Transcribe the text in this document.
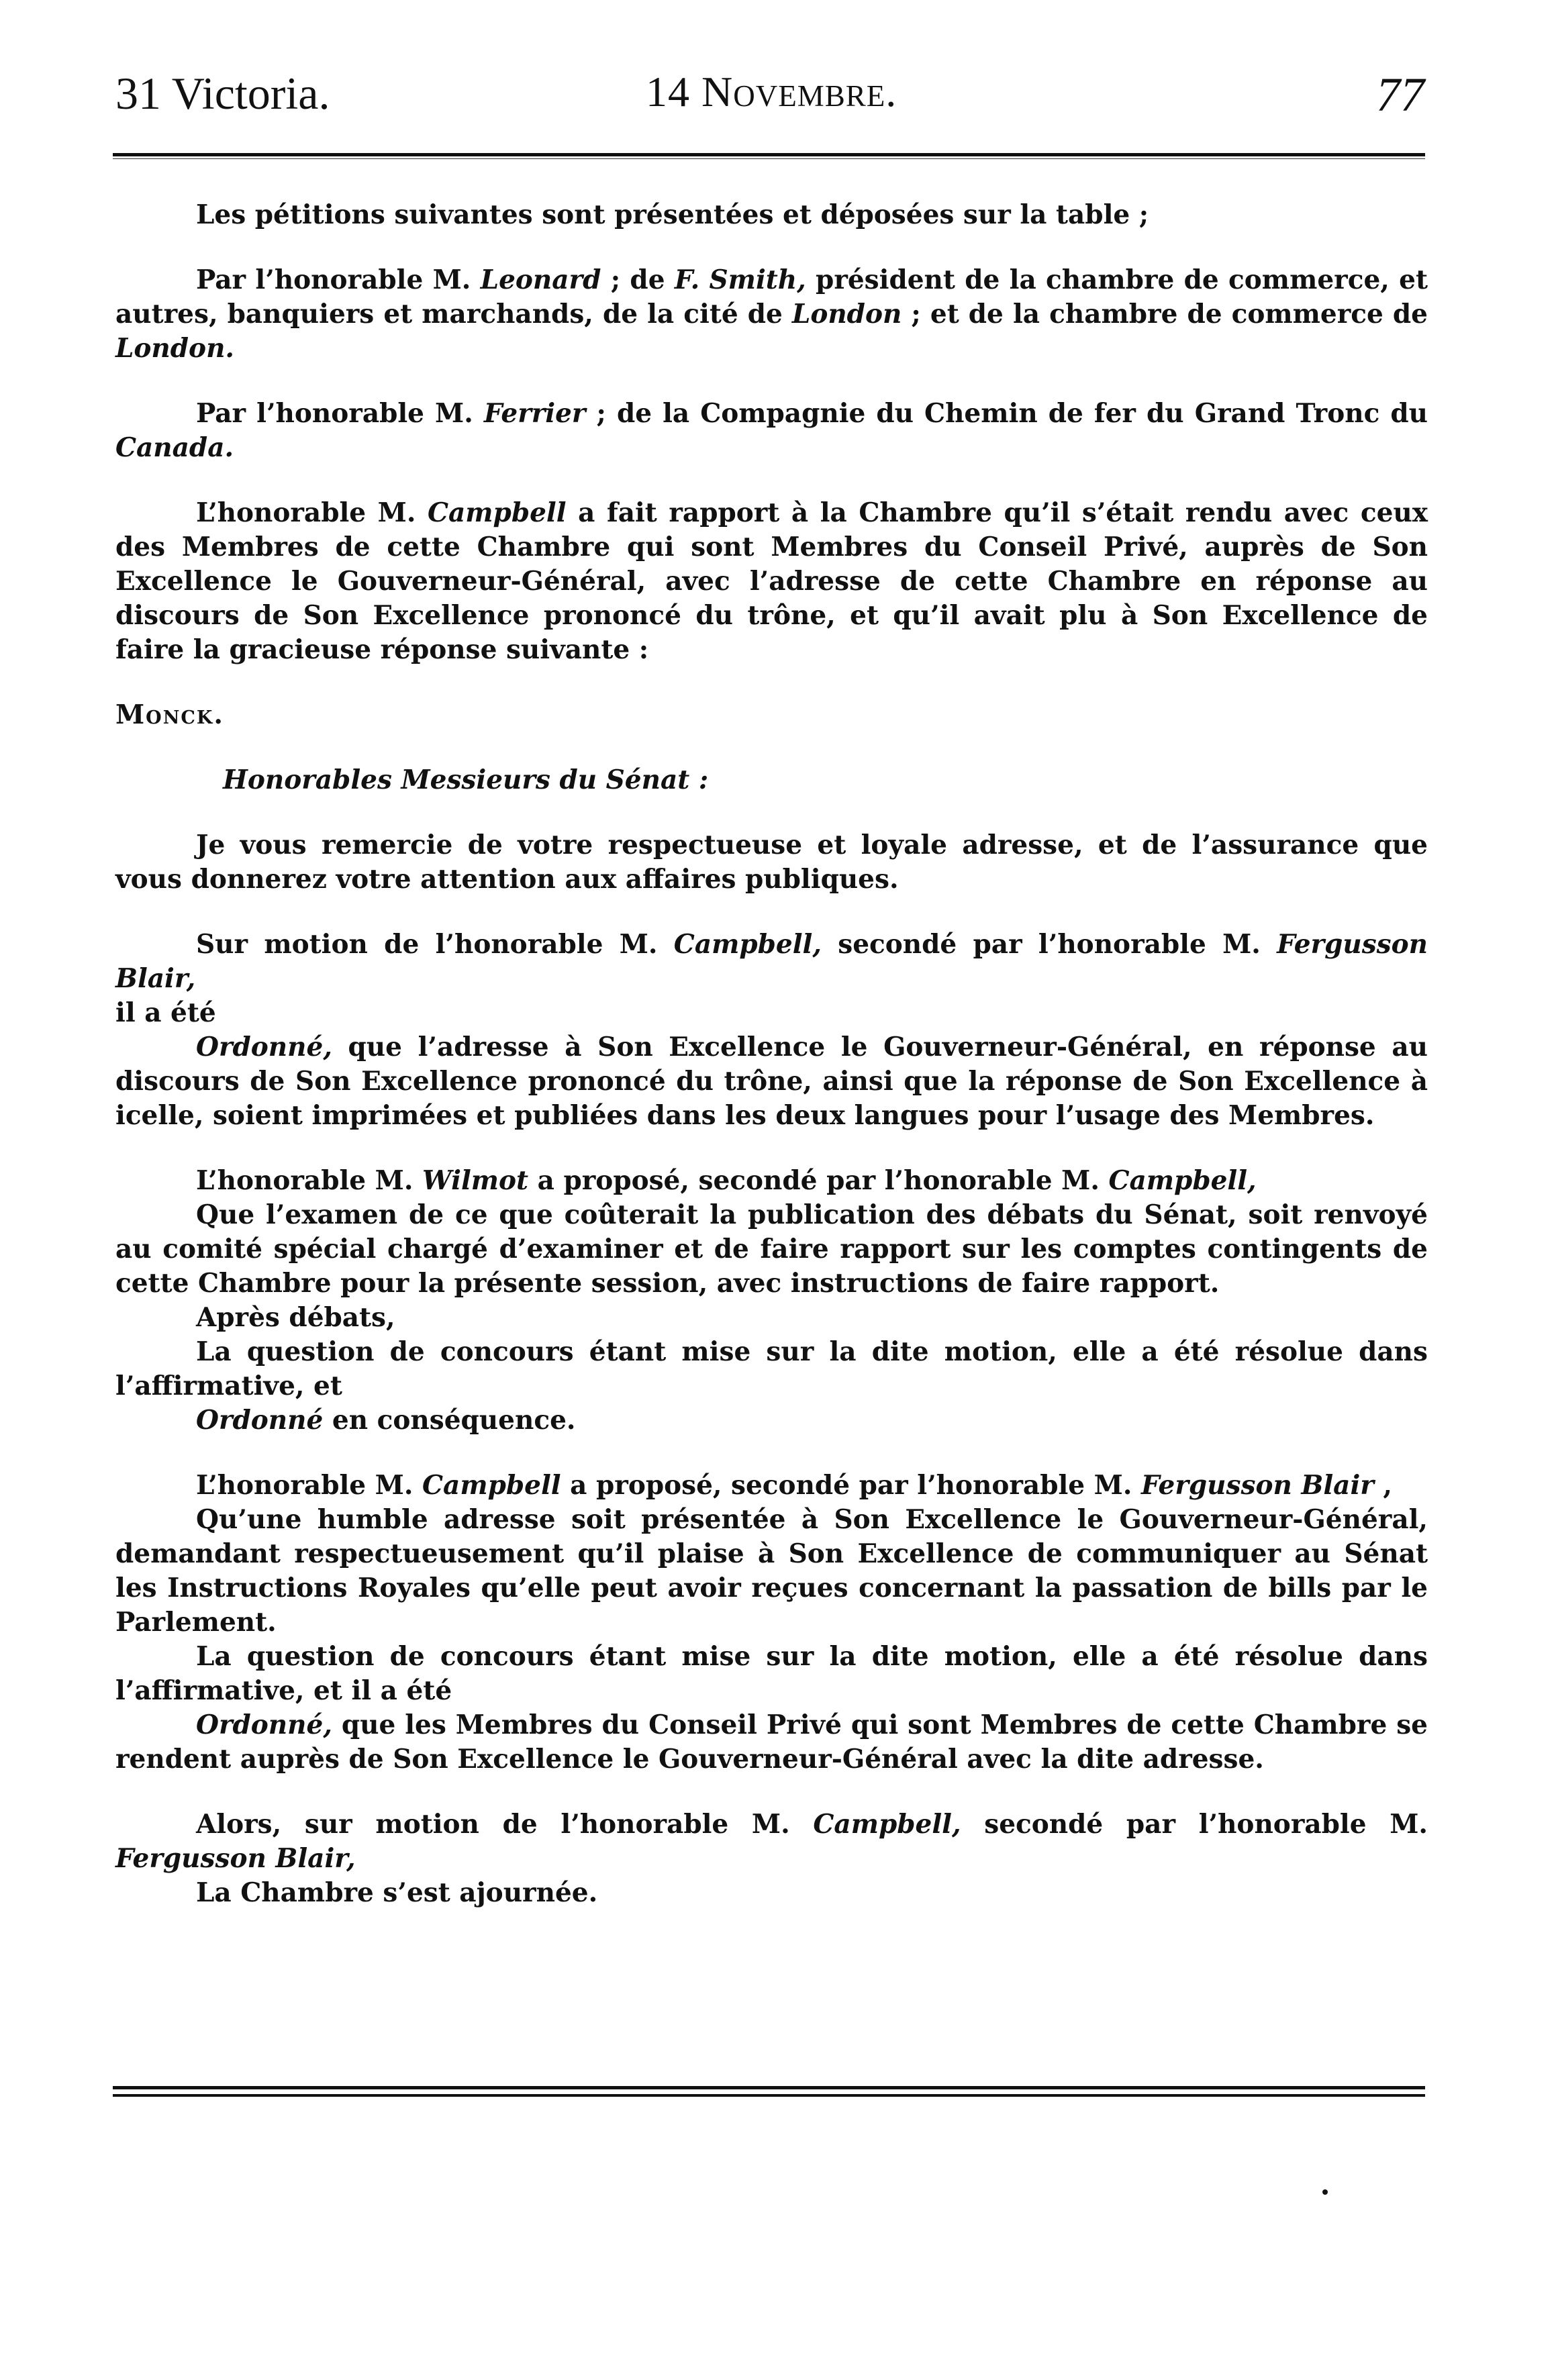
31 Victoria.	14 Novembre.	77

Les pétitions suivantes sont présentées et déposées sur la table ;

Par l’honorable M. Leonard ; de F. Smith, président de la chambre de commerce, et autres, banquiers et marchands, de la cité de London ; et de la chambre de commerce de London.

Par l’honorable M. Ferrier ; de la Compagnie du Chemin de fer du Grand Tronc du Canada.

L’honorable M. Campbell a fait rapport à la Chambre qu’il s’était rendu avec ceux des Membres de cette Chambre qui sont Membres du Conseil Privé, auprès de Son Excellence le Gouverneur-Général, avec l’adresse de cette Chambre en réponse au discours de Son Excellence prononcé du trône, et qu’il avait plu à Son Excellence de faire la gracieuse réponse suivante :

Monck.

Honorables Messieurs du Sénat :

Je vous remercie de votre respectueuse et loyale adresse, et de l’assurance que vous donnerez votre attention aux affaires publiques.

Sur motion de l’honorable M. Campbell, secondé par l’honorable M. Fergusson Blair,

il a été

Ordonné, que l’adresse à Son Excellence le Gouverneur-Général, en réponse au discours de Son Excellence prononcé du trône, ainsi que la réponse de Son Excellence à icelle, soient imprimées et publiées dans les deux langues pour l’usage des Membres.

L’honorable M. Wilmot a proposé, secondé par l’honorable M. Campbell,

Que l’examen de ce que coûterait la publication des débats du Sénat, soit renvoyé au comité spécial chargé d’examiner et de faire rapport sur les comptes contingents de cette Chambre pour la présente session, avec instructions de faire rapport.

Après débats,

La question de concours étant mise sur la dite motion, elle a été résolue dans l’affirmative, et

Ordonné en conséquence.

L’honorable M. Campbell a proposé, secondé par l’honorable M. Fergusson Blair ,

Qu’une humble adresse soit présentée à Son Excellence le Gouverneur-Général, demandant respectueusement qu’il plaise à Son Excellence de communiquer au Sénat les Instructions Royales qu’elle peut avoir reçues concernant la passation de bills par le Parlement.

La question de concours étant mise sur la dite motion, elle a été résolue dans l’affirmative, et il a été

Ordonné, que les Membres du Conseil Privé qui sont Membres de cette Chambre se rendent auprès de Son Excellence le Gouverneur-Général avec la dite adresse.

Alors, sur motion de l’honorable M. Campbell, secondé par l’honorable M. Fergusson Blair,

La Chambre s’est ajournée.
